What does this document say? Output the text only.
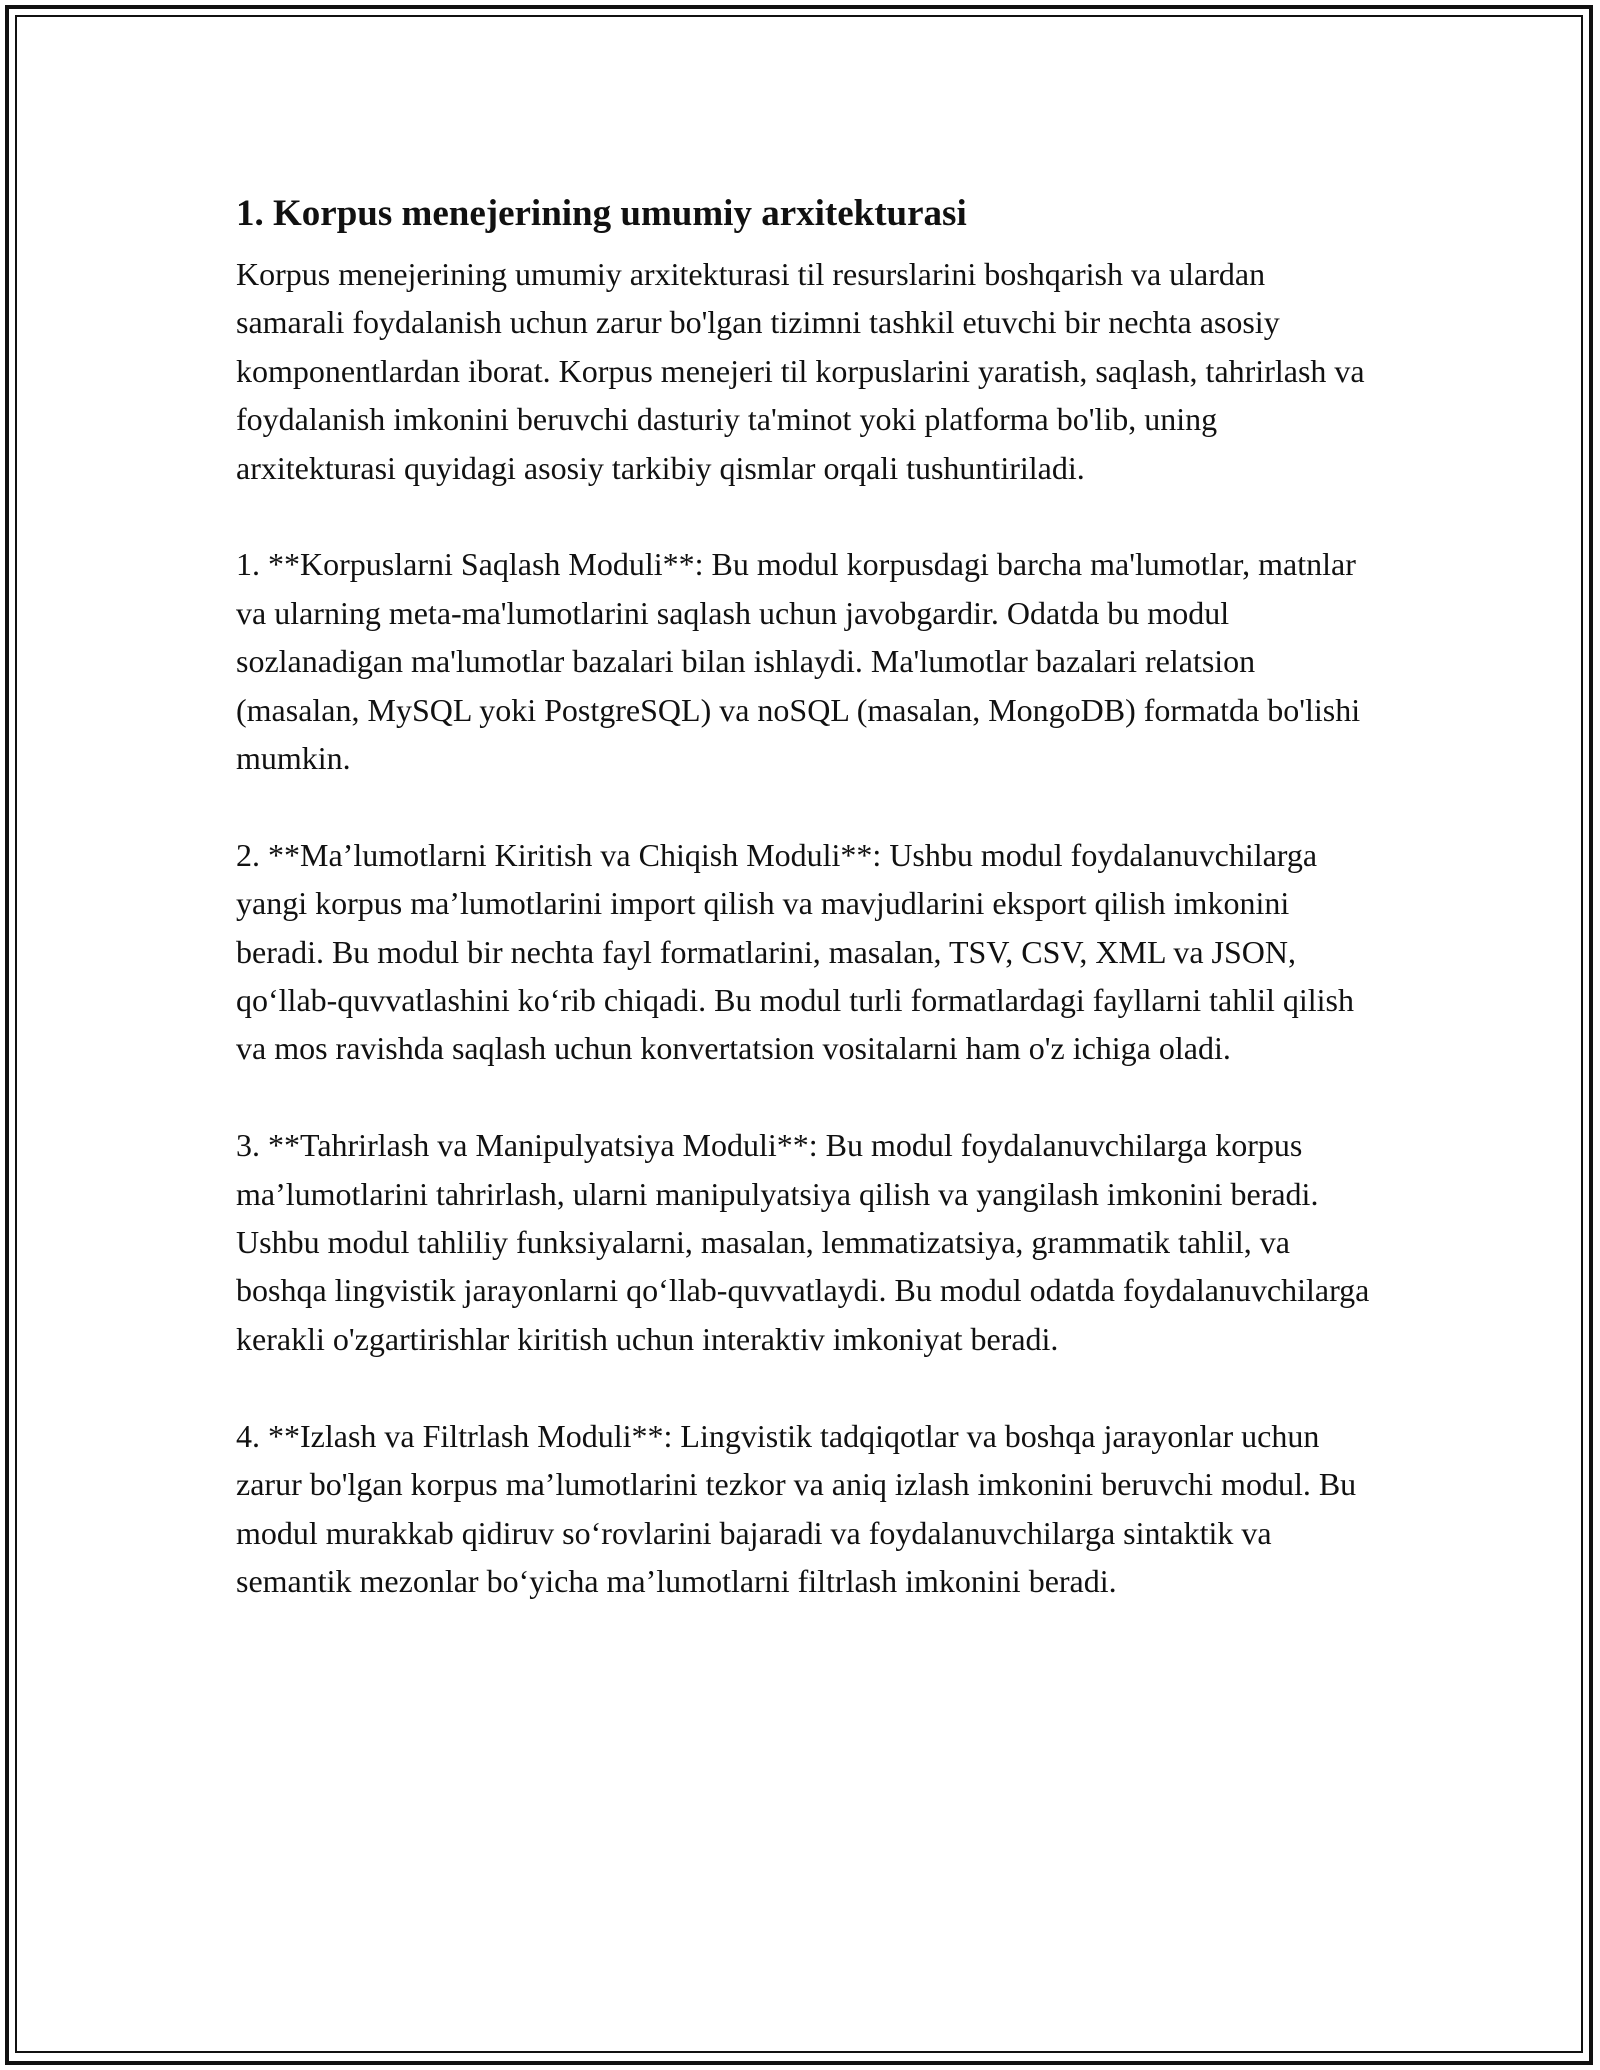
1. Korpus menejerining umumiy arxitekturasi

Korpus menejerining umumiy arxitekturasi til resurslarini boshqarish va ulardan samarali foydalanish uchun zarur bo'lgan tizimni tashkil etuvchi bir nechta asosiy komponentlardan iborat. Korpus menejeri til korpuslarini yaratish, saqlash, tahrirlash va foydalanish imkonini beruvchi dasturiy ta'minot yoki platforma bo'lib, uning arxitekturasi quyidagi asosiy tarkibiy qismlar orqali tushuntiriladi.

1. **Korpuslarni Saqlash Moduli**: Bu modul korpusdagi barcha ma'lumotlar, matnlar va ularning meta-ma'lumotlarini saqlash uchun javobgardir. Odatda bu modul sozlanadigan ma'lumotlar bazalari bilan ishlaydi. Ma'lumotlar bazalari relatsion (masalan, MySQL yoki PostgreSQL) va noSQL (masalan, MongoDB) formatda bo'lishi mumkin.

2. **Ma’lumotlarni Kiritish va Chiqish Moduli**: Ushbu modul foydalanuvchilarga yangi korpus ma’lumotlarini import qilish va mavjudlarini eksport qilish imkonini beradi. Bu modul bir nechta fayl formatlarini, masalan, TSV, CSV, XML va JSON, qo‘llab-quvvatlashini ko‘rib chiqadi. Bu modul turli formatlardagi fayllarni tahlil qilish va mos ravishda saqlash uchun konvertatsion vositalarni ham o'z ichiga oladi.

3. **Tahrirlash va Manipulyatsiya Moduli**: Bu modul foydalanuvchilarga korpus ma’lumotlarini tahrirlash, ularni manipulyatsiya qilish va yangilash imkonini beradi. Ushbu modul tahliliy funksiyalarni, masalan, lemmatizatsiya, grammatik tahlil, va boshqa lingvistik jarayonlarni qo‘llab-quvvatlaydi. Bu modul odatda foydalanuvchilarga kerakli o'zgartirishlar kiritish uchun interaktiv imkoniyat beradi.

4. **Izlash va Filtrlash Moduli**: Lingvistik tadqiqotlar va boshqa jarayonlar uchun zarur bo'lgan korpus ma’lumotlarini tezkor va aniq izlash imkonini beruvchi modul. Bu modul murakkab qidiruv so‘rovlarini bajaradi va foydalanuvchilarga sintaktik va semantik mezonlar bo‘yicha ma’lumotlarni filtrlash imkonini beradi.
